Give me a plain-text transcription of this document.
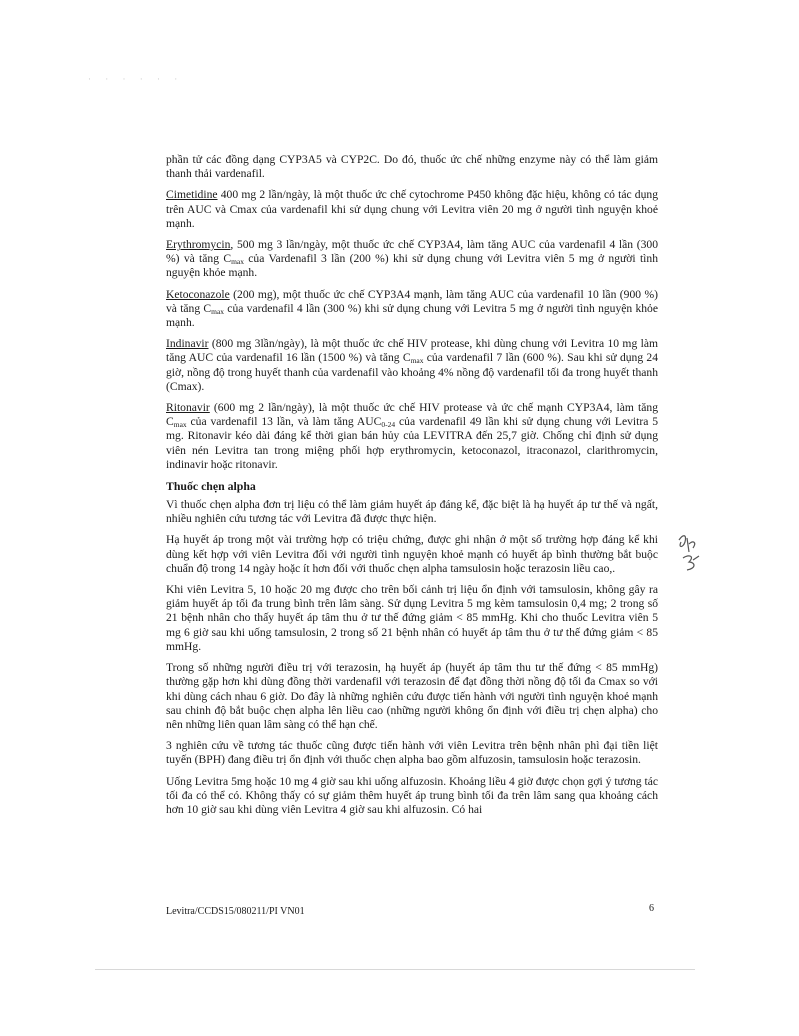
· · · · · ·

phần tử các đồng dạng CYP3A5 và CYP2C. Do đó, thuốc ức chế những enzyme này có thể làm giảm thanh thải vardenafil.

Cimetidine 400 mg 2 lần/ngày, là một thuốc ức chế cytochrome P450 không đặc hiệu, không có tác dụng trên AUC và Cmax của vardenafil khi sử dụng chung với Levitra viên 20 mg ở người tình nguyện khoẻ mạnh.

Erythromycin, 500 mg 3 lần/ngày, một thuốc ức chế CYP3A4, làm tăng AUC của vardenafil 4 lần (300 %) và tăng $C_{max}$ của Vardenafil 3 lần (200 %) khi sử dụng chung với Levitra viên 5 mg ở người tình nguyện khỏe mạnh.

Ketoconazole (200 mg), một thuốc ức chế CYP3A4 mạnh, làm tăng AUC của vardenafil 10 lần (900 %) và tăng $C_{max}$ của vardenafil 4 lần (300 %) khi sử dụng chung với Levitra 5 mg ở người tình nguyện khỏe mạnh.

Indinavir (800 mg 3lần/ngày), là một thuốc ức chế HIV protease, khi dùng chung với Levitra 10 mg làm tăng AUC của vardenafil 16 lần (1500 %) và tăng $C_{max}$ của vardenafil 7 lần (600 %). Sau khi sử dụng 24 giờ, nồng độ trong huyết thanh của vardenafil vào khoảng 4% nồng độ vardenafil tối đa trong huyết thanh (Cmax).

Ritonavir (600 mg 2 lần/ngày), là một thuốc ức chế HIV protease và ức chế mạnh CYP3A4, làm tăng $C_{max}$ của vardenafil 13 lần, và làm tăng $AUC_{0-24}$ của vardenafil 49 lần khi sử dụng chung với Levitra 5 mg. Ritonavir kéo dài đáng kể thời gian bán hủy của LEVITRA đến 25,7 giờ. Chống chỉ định sử dụng viên nén Levitra tan trong miệng phối hợp erythromycin, ketoconazol, itraconazol, clarithromycin, indinavir hoặc ritonavir.

Thuốc chẹn alpha

Vì thuốc chẹn alpha đơn trị liệu có thể làm giảm huyết áp đáng kể, đặc biệt là hạ huyết áp tư thế và ngất, nhiều nghiên cứu tương tác với Levitra đã được thực hiện.

Hạ huyết áp trong một vài trường hợp có triệu chứng, được ghi nhận ở một số trường hợp đáng kể khi dùng kết hợp với viên Levitra đối với người tình nguyện khoẻ mạnh có huyết áp bình thường bắt buộc chuẩn độ trong 14 ngày hoặc ít hơn đối với thuốc chẹn alpha tamsulosin hoặc terazosin liều cao,.

Khi viên Levitra 5, 10 hoặc 20 mg được cho trên bối cảnh trị liệu ổn định với tamsulosin, không gây ra giảm huyết áp tối đa trung bình trên lâm sàng. Sử dụng Levitra 5 mg kèm tamsulosin 0,4 mg; 2 trong số 21 bệnh nhân cho thấy huyết áp tâm thu ở tư thế đứng giảm < 85 mmHg. Khi cho thuốc Levitra viên 5 mg 6 giờ sau khi uống tamsulosin, 2 trong số 21 bệnh nhân có huyết áp tâm thu ở tư thế đứng giảm < 85 mmHg.

Trong số những người điều trị với terazosin, hạ huyết áp (huyết áp tâm thu tư thế đứng < 85 mmHg) thường gặp hơn khi dùng đồng thời vardenafil với terazosin để đạt đồng thời nồng độ tối đa Cmax so với khi dùng cách nhau 6 giờ. Do đây là những nghiên cứu được tiến hành với người tình nguyện khoẻ mạnh sau chinh độ bắt buộc chẹn alpha lên liều cao (những người không ổn định với điều trị chẹn alpha) cho nên những liên quan lâm sàng có thể hạn chế.

3 nghiên cứu về tương tác thuốc cũng được tiến hành với viên Levitra trên bệnh nhân phì đại tiền liệt tuyến (BPH) đang điều trị ổn định với thuốc chẹn alpha bao gồm alfuzosin, tamsulosin hoặc terazosin.

Uống Levitra 5mg hoặc 10 mg 4 giờ sau khi uống alfuzosin. Khoảng liều 4 giờ được chọn gợi ý tương tác tối đa có thể có. Không thấy có sự giảm thêm huyết áp trung bình tối đa trên lâm sang qua khoảng cách hơn 10 giờ sau khi dùng viên Levitra 4 giờ sau khi alfuzosin. Có hai

Levitra/CCDS15/080211/PI VN01	6
